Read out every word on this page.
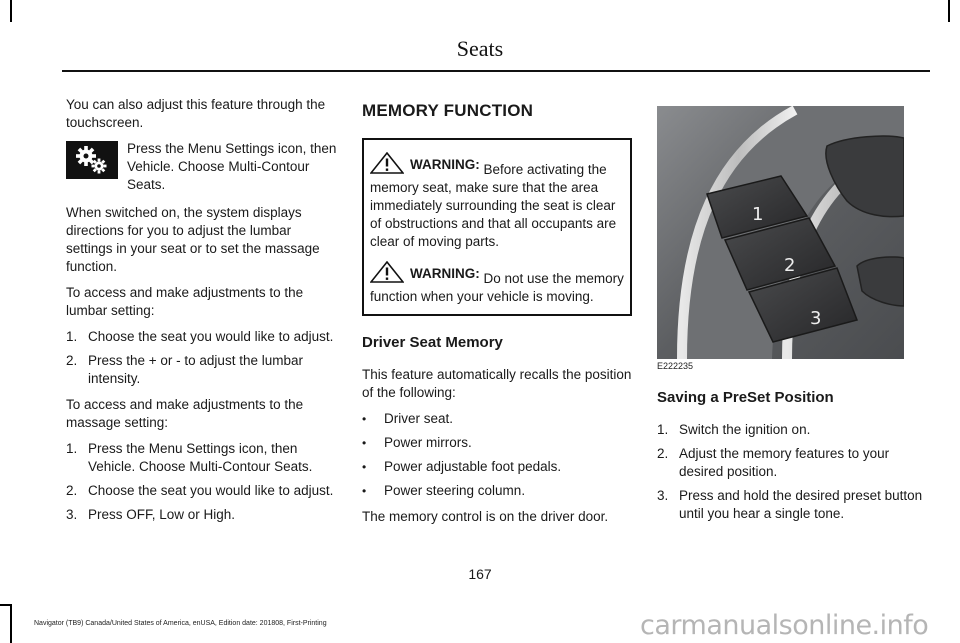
Seats

You can also adjust this feature through the touchscreen.

Press the Menu Settings icon, then Vehicle. Choose Multi-Contour Seats.

When switched on, the system displays directions for you to adjust the lumbar settings in your seat or to set the massage function.

To access and make adjustments to the lumbar setting:

1. Choose the seat you would like to adjust.
2. Press the + or - to adjust the lumbar intensity.

To access and make adjustments to the massage setting:

1. Press the Menu Settings icon, then Vehicle. Choose Multi-Contour Seats.
2. Choose the seat you would like to adjust.
3. Press OFF, Low or High.
MEMORY FUNCTION
WARNING: Before activating the memory seat, make sure that the area immediately surrounding the seat is clear of obstructions and that all occupants are clear of moving parts.
WARNING: Do not use the memory function when your vehicle is moving.
Driver Seat Memory

This feature automatically recalls the position of the following:

•	Driver seat.
•	Power mirrors.
•	Power adjustable foot pedals.
•	Power steering column.

The memory control is on the driver door.

1
2
3
E222235
Saving a PreSet Position
1. Switch the ignition on.
2. Adjust the memory features to your desired position.
3. Press and hold the desired preset button until you hear a single tone.
167
Navigator (TB9) Canada/United States of America, enUSA, Edition date: 201808, First-Printing	carmanualsonline.info
